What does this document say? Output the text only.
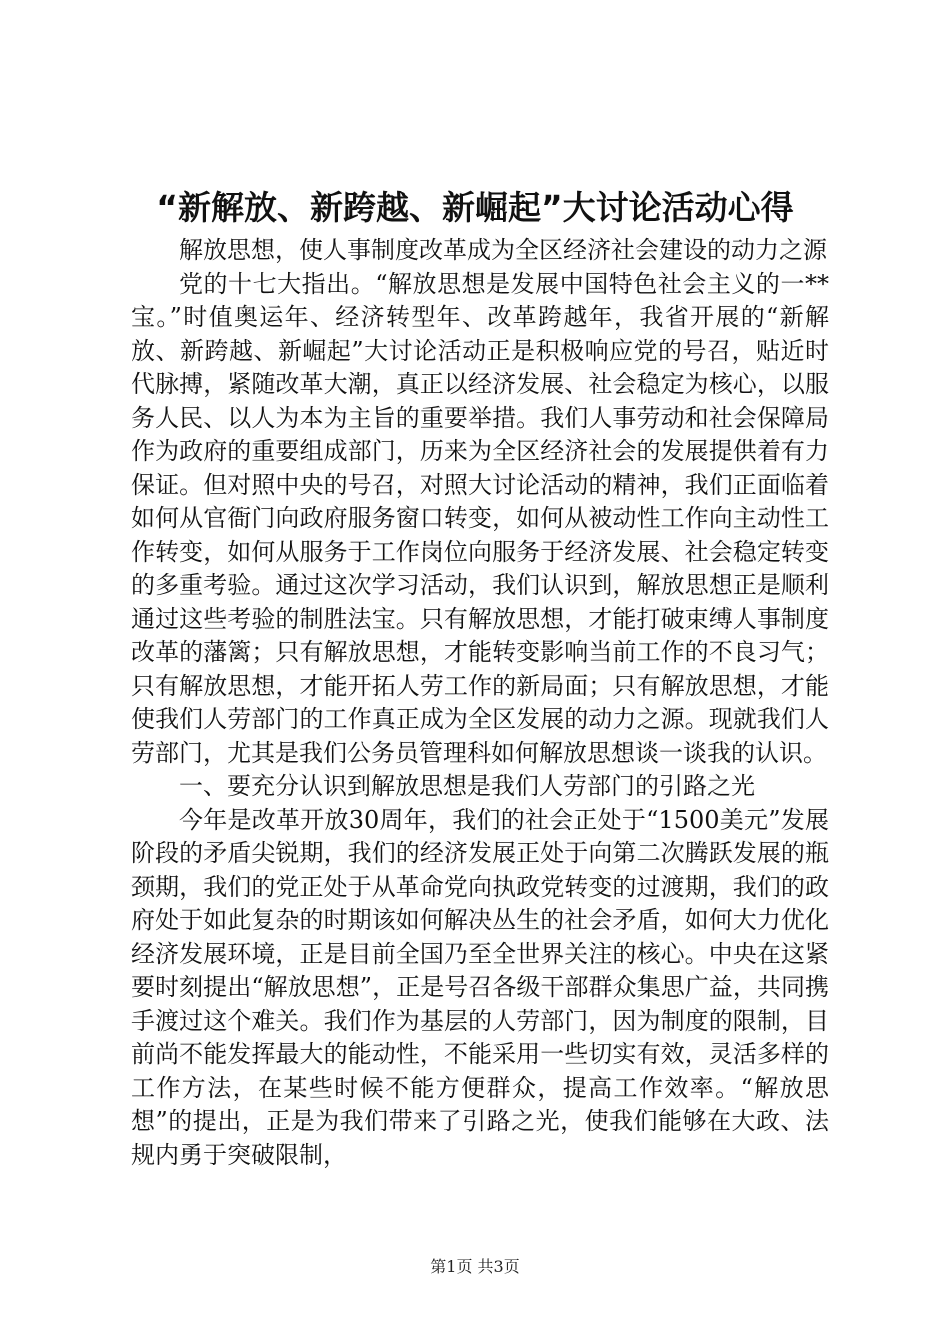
“新解放、新跨越、新崛起”大讨论活动心得

解放思想，使人事制度改革成为全区经济社会建设的动力之源

党的十七大指出。“解放思想是发展中国特色社会主义的一**宝。”时值奥运年、经济转型年、改革跨越年，我省开展的“新解放、新跨越、新崛起”大讨论活动正是积极响应党的号召，贴近时代脉搏，紧随改革大潮，真正以经济发展、社会稳定为核心，以服务人民、以人为本为主旨的重要举措。我们人事劳动和社会保障局作为政府的重要组成部门，历来为全区经济社会的发展提供着有力保证。但对照中央的号召，对照大讨论活动的精神，我们正面临着如何从官衙门向政府服务窗口转变，如何从被动性工作向主动性工作转变，如何从服务于工作岗位向服务于经济发展、社会稳定转变的多重考验。通过这次学习活动，我们认识到，解放思想正是顺利通过这些考验的制胜法宝。只有解放思想，才能打破束缚人事制度改革的藩篱；只有解放思想，才能转变影响当前工作的不良习气；只有解放思想，才能开拓人劳工作的新局面；只有解放思想，才能使我们人劳部门的工作真正成为全区发展的动力之源。现就我们人劳部门，尤其是我们公务员管理科如何解放思想谈一谈我的认识。

一、要充分认识到解放思想是我们人劳部门的引路之光

今年是改革开放30周年，我们的社会正处于“1500美元”发展阶段的矛盾尖锐期，我们的经济发展正处于向第二次腾跃发展的瓶颈期，我们的党正处于从革命党向执政党转变的过渡期，我们的政府处于如此复杂的时期该如何解决丛生的社会矛盾，如何大力优化经济发展环境，正是目前全国乃至全世界关注的核心。中央在这紧要时刻提出“解放思想”，正是号召各级干部群众集思广益，共同携手渡过这个难关。我们作为基层的人劳部门，因为制度的限制，目前尚不能发挥最大的能动性，不能采用一些切实有效，灵活多样的工作方法，在某些时候不能方便群众，提高工作效率。“解放思想”的提出，正是为我们带来了引路之光，使我们能够在大政、法规内勇于突破限制，

第1页 共3页
